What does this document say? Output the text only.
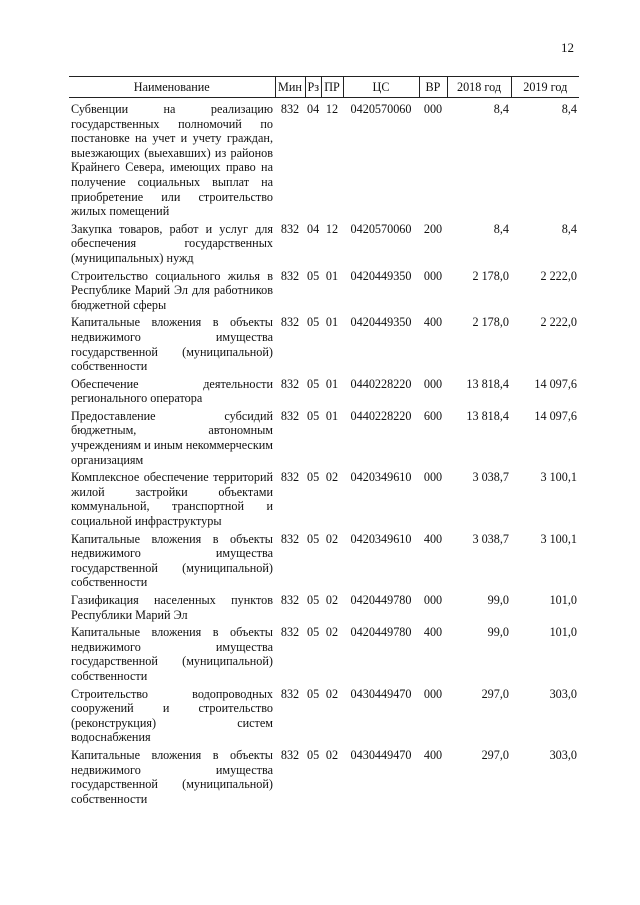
12
Наименование	Мин	Рз	ПР	ЦС	ВР	2018 год	2019 год
Субвенции на реализацию государственных полномочий по постановке на учет и учету граждан, выезжающих (выехавших) из районов Крайнего Севера, имеющих право на получение социальных выплат на приобретение или строительство жилых помещений	832	04	12	0420570060	000	8,4	8,4
Закупка товаров, работ и услуг для обеспечения государственных (муниципальных) нужд	832	04	12	0420570060	200	8,4	8,4
Строительство социального жилья в Республике Марий Эл для работников бюджетной сферы	832	05	01	0420449350	000	2 178,0	2 222,0
Капитальные вложения в объекты недвижимого имущества государственной (муниципальной) собственности	832	05	01	0420449350	400	2 178,0	2 222,0
Обеспечение деятельности регионального оператора	832	05	01	0440228220	000	13 818,4	14 097,6
Предоставление субсидий бюджетным, автономным учреждениям и иным некоммерческим организациям	832	05	01	0440228220	600	13 818,4	14 097,6
Комплексное обеспечение территорий жилой застройки объектами коммунальной, транспортной и социальной инфраструктуры	832	05	02	0420349610	000	3 038,7	3 100,1
Капитальные вложения в объекты недвижимого имущества государственной (муниципальной) собственности	832	05	02	0420349610	400	3 038,7	3 100,1
Газификация населенных пунктов Республики Марий Эл	832	05	02	0420449780	000	99,0	101,0
Капитальные вложения в объекты недвижимого имущества государственной (муниципальной) собственности	832	05	02	0420449780	400	99,0	101,0
Строительство водопроводных сооружений и строительство (реконструкция) систем водоснабжения	832	05	02	0430449470	000	297,0	303,0
Капитальные вложения в объекты недвижимого имущества государственной (муниципальной) собственности	832	05	02	0430449470	400	297,0	303,0
